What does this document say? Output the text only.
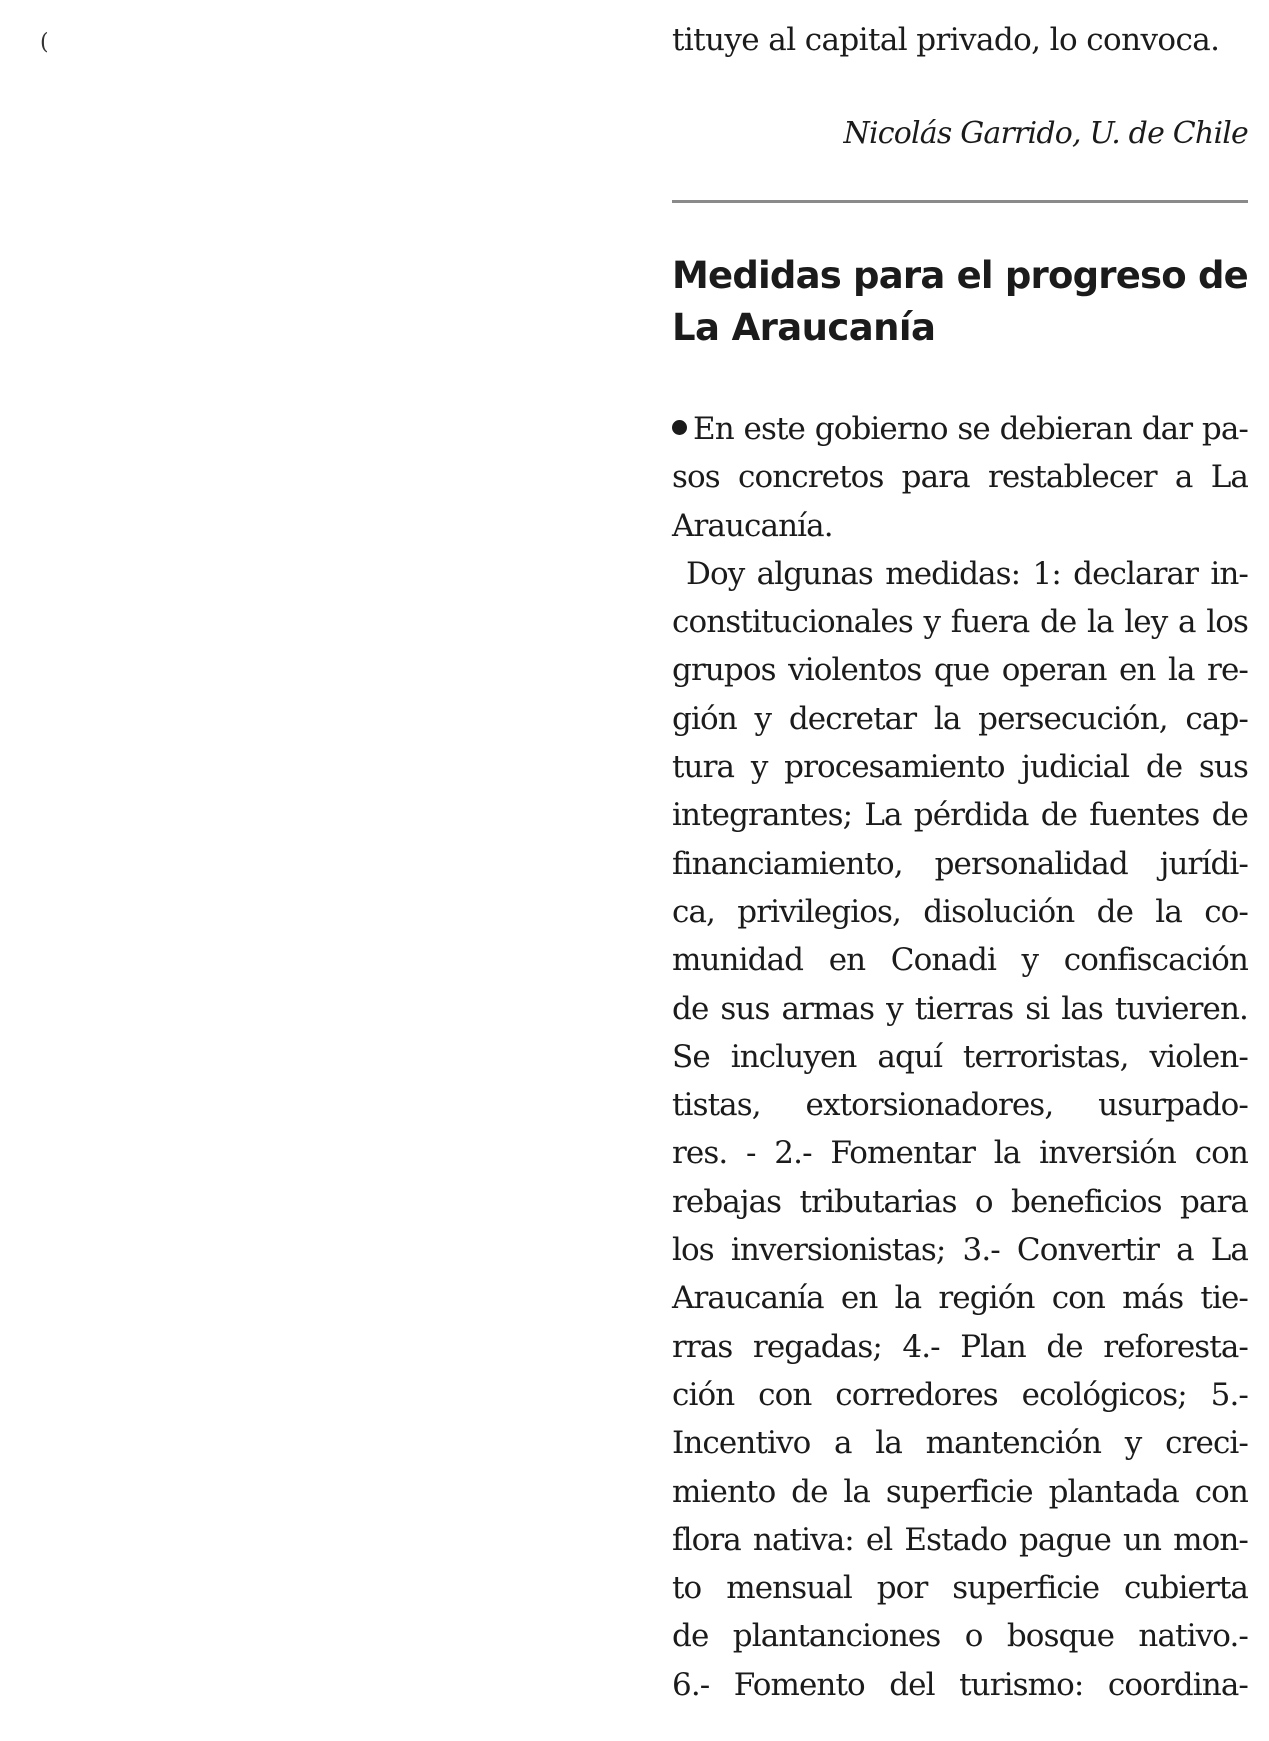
(	tituye al capital privado, lo convoca.
Nicolás Garrido, U. de Chile
Medidas para el progreso de
La Araucanía
En este gobierno se debieran dar pa-
sos concretos para restablecer a La
Araucanía.
Doy algunas medidas: 1: declarar in-
constitucionales y fuera de la ley a los
grupos violentos que operan en la re-
gión y decretar la persecución, cap-
tura y procesamiento judicial de sus
integrantes; La pérdida de fuentes de
financiamiento, personalidad jurídi-
ca, privilegios, disolución de la co-
munidad en Conadi y confiscación
de sus armas y tierras si las tuvieren.
Se incluyen aquí terroristas, violen-
tistas, extorsionadores, usurpado-
res. - 2.- Fomentar la inversión con
rebajas tributarias o beneficios para
los inversionistas; 3.- Convertir a La
Araucanía en la región con más tie-
rras regadas; 4.- Plan de reforesta-
ción con corredores ecológicos; 5.-
Incentivo a la mantención y creci-
miento de la superficie plantada con
flora nativa: el Estado pague un mon-
to mensual por superficie cubierta
de plantanciones o bosque nativo.-
6.- Fomento del turismo: coordina-
